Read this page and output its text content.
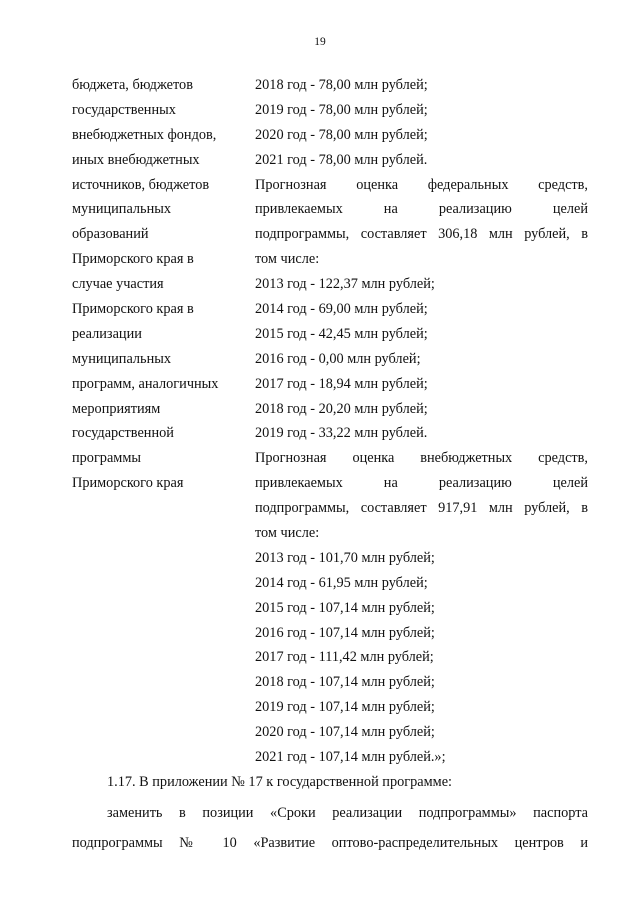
19
бюджета, бюджетов
государственных
внебюджетных фондов,
иных внебюджетных
источников, бюджетов
муниципальных
образований
Приморского края в
случае участия
Приморского края в
реализации
муниципальных
программ, аналогичных
мероприятиям
государственной
программы
Приморского края
2018 год - 78,00 млн рублей;
2019 год - 78,00 млн рублей;
2020 год - 78,00 млн рублей;
2021 год - 78,00 млн рублей.
Прогнозная оценка федеральных средств,
привлекаемых на реализацию целей
подпрограммы, составляет 306,18 млн рублей, в
том числе:
2013 год - 122,37 млн рублей;
2014 год - 69,00 млн рублей;
2015 год - 42,45 млн рублей;
2016 год - 0,00 млн рублей;
2017 год - 18,94 млн рублей;
2018 год - 20,20 млн рублей;
2019 год - 33,22 млн рублей.
Прогнозная оценка внебюджетных средств,
привлекаемых на реализацию целей
подпрограммы, составляет 917,91 млн рублей, в
том числе:
2013 год - 101,70 млн рублей;
2014 год - 61,95 млн рублей;
2015 год - 107,14 млн рублей;
2016 год - 107,14 млн рублей;
2017 год - 111,42 млн рублей;
2018 год - 107,14 млн рублей;
2019 год - 107,14 млн рублей;
2020 год - 107,14 млн рублей;
2021 год - 107,14 млн рублей.»;
1.17. В приложении № 17 к государственной программе:
заменить в позиции «Сроки реализации подпрограммы» паспорта
подпрограммы № 10 «Развитие оптово-распределительных центров и
